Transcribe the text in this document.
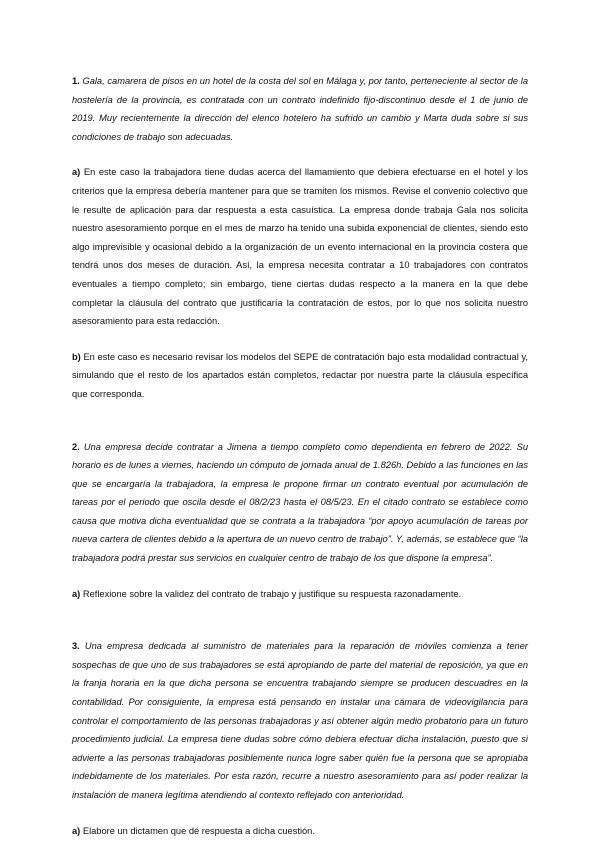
1. Gala, camarera de pisos en un hotel de la costa del sol en Málaga y, por tanto, perteneciente al sector de la hostelería de la provincia, es contratada con un contrato indefinido fijo-discontinuo desde el 1 de junio de 2019. Muy recientemente la dirección del elenco hotelero ha sufrido un cambio y Marta duda sobre si sus condiciones de trabajo son adecuadas.

a) En este caso la trabajadora tiene dudas acerca del llamamiento que debiera efectuarse en el hotel y los criterios que la empresa debería mantener para que se tramiten los mismos. Revise el convenio colectivo que le resulte de aplicación para dar respuesta a esta casuística. La empresa donde trabaja Gala nos solicita nuestro asesoramiento porque en el mes de marzo ha tenido una subida exponencial de clientes, siendo esto algo imprevisible y ocasional debido a la organización de un evento internacional en la provincia costera que tendrá unos dos meses de duración. Así, la empresa necesita contratar a 10 trabajadores con contratos eventuales a tiempo completo; sin embargo, tiene ciertas dudas respecto a la manera en la que debe completar la cláusula del contrato que justificaría la contratación de estos, por lo que nos solicita nuestro asesoramiento para esta redacción.

b) En este caso es necesario revisar los modelos del SEPE de contratación bajo esta modalidad contractual y, simulando que el resto de los apartados están completos, redactar por nuestra parte la cláusula específica que corresponda.

2. Una empresa decide contratar a Jimena a tiempo completo como dependienta en febrero de 2022. Su horario es de lunes a viernes, haciendo un cómputo de jornada anual de 1.826h. Debido a las funciones en las que se encargaría la trabajadora, la empresa le propone firmar un contrato eventual por acumulación de tareas por el periodo que oscila desde el 08/2/23 hasta el 08/5/23. En el citado contrato se establece como causa que motiva dicha eventualidad que se contrata a la trabajadora “por apoyo acumulación de tareas por nueva cartera de clientes debido a la apertura de un nuevo centro de trabajo”. Y, además, se establece que “la trabajadora podrá prestar sus servicios en cualquier centro de trabajo de los que dispone la empresa”.

a) Reflexione sobre la validez del contrato de trabajo y justifique su respuesta razonadamente.

3. Una empresa dedicada al suministro de materiales para la reparación de móviles comienza a tener sospechas de que uno de sus trabajadores se está apropiando de parte del material de reposición, ya que en la franja horaria en la que dicha persona se encuentra trabajando siempre se producen descuadres en la contabilidad. Por consiguiente, la empresa está pensando en instalar una cámara de videovigilancia para controlar el comportamiento de las personas trabajadoras y así obtener algún medio probatorio para un futuro procedimiento judicial. La empresa tiene dudas sobre cómo debiera efectuar dicha instalación, puesto que si advierte a las personas trabajadoras posiblemente nunca logre saber quién fue la persona que se apropiaba indebidamente de los materiales. Por esta razón, recurre a nuestro asesoramiento para así poder realizar la instalación de manera legítima atendiendo al contexto reflejado con anterioridad.

a) Elabore un dictamen que dé respuesta a dicha cuestión.
